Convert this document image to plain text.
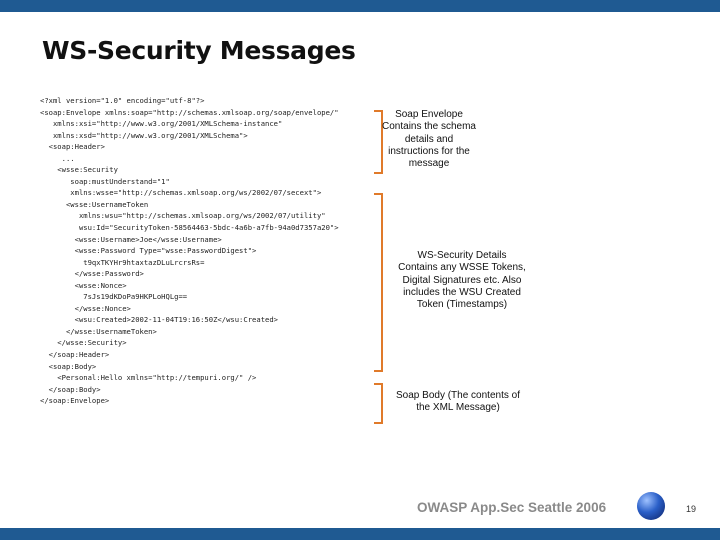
WS-Security Messages
<?xml version="1.0" encoding="utf-8"?>
<soap:Envelope xmlns:soap="http://schemas.xmlsoap.org/soap/envelope/"
xmlns:xsi="http://www.w3.org/2001/XMLSchema-instance"
xmlns:xsd="http://www.w3.org/2001/XMLSchema">
<soap:Header>
...
<wsse:Security
soap:mustUnderstand="1"
xmlns:wsse="http://schemas.xmlsoap.org/ws/2002/07/secext">
<wsse:UsernameToken
xmlns:wsu="http://schemas.xmlsoap.org/ws/2002/07/utility"
wsu:Id="SecurityToken-58564463-5bdc-4a6b-a7fb-94a0d7357a20">
<wsse:Username>Joe</wsse:Username>
<wsse:Password Type="wsse:PasswordDigest">
t9qxTKYHr9htaxtazDLuLrcrsRs=
</wsse:Password>
<wsse:Nonce>
7sJs19dKDoPa9HKPLoHQLg==
</wsse:Nonce>
<wsu:Created>2002-11-04T19:16:50Z</wsu:Created>
</wsse:UsernameToken>
</wsse:Security>
</soap:Header>
<soap:Body>
<Personal:Hello xmlns="http://tempuri.org/" />
</soap:Body>
</soap:Envelope>
Soap Envelope
Contains the schema
details and
instructions for the
message
WS-Security Details
Contains any WSSE Tokens,
Digital Signatures etc. Also
includes the WSU Created
Token (Timestamps)
Soap Body (The contents of
the XML Message)
OWASP App.Sec Seattle 2006	19
